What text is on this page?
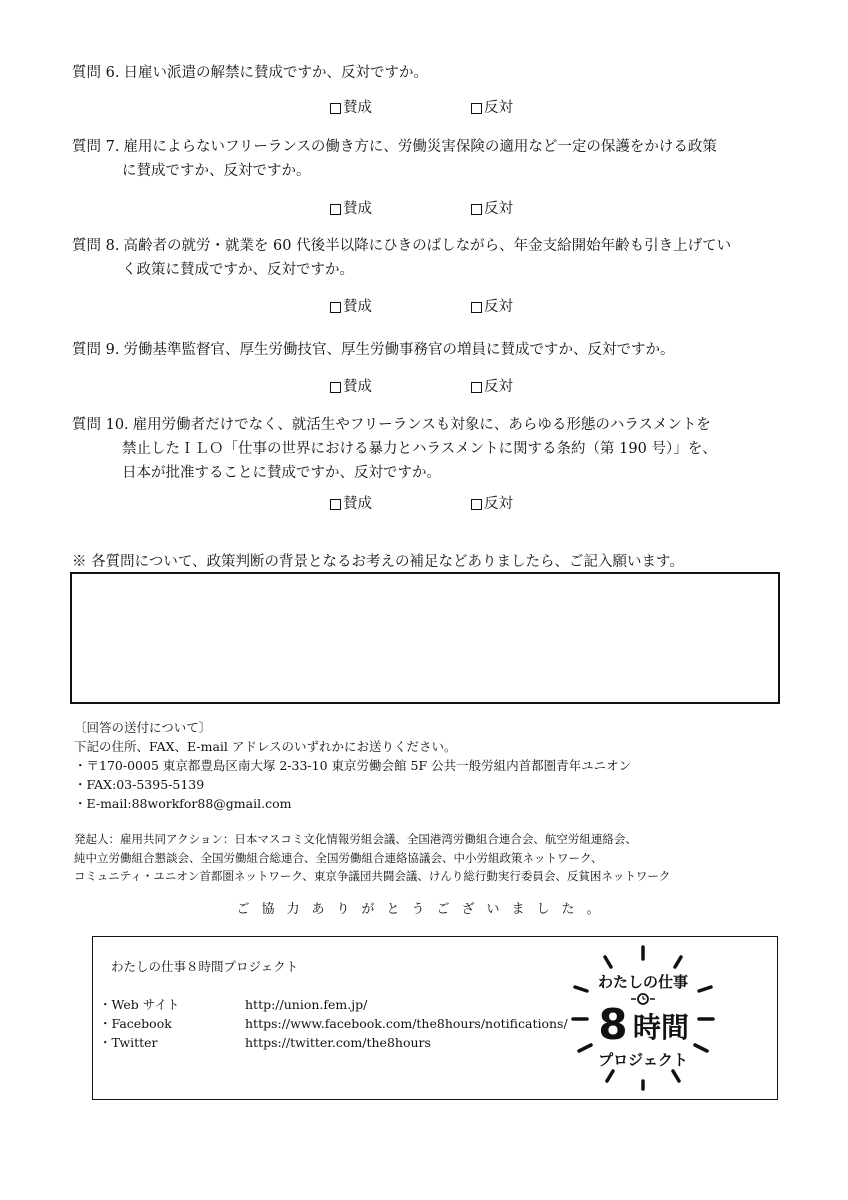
質問 6. 日雇い派遣の解禁に賛成ですか、反対ですか。
賛成	反対
質問 7. 雇用によらないフリーランスの働き方に、労働災害保険の適用など一定の保護をかける政策
に賛成ですか、反対ですか。
賛成	反対
質問 8. 高齢者の就労・就業を 60 代後半以降にひきのばしながら、年金支給開始年齢も引き上げてい
く政策に賛成ですか、反対ですか。
賛成	反対
質問 9. 労働基準監督官、厚生労働技官、厚生労働事務官の増員に賛成ですか、反対ですか。
賛成	反対
質問 10. 雇用労働者だけでなく、就活生やフリーランスも対象に、あらゆる形態のハラスメントを
禁止したＩＬＯ「仕事の世界における暴力とハラスメントに関する条約（第 190 号）」を、
日本が批准することに賛成ですか、反対ですか。
賛成	反対
※ 各質問について、政策判断の背景となるお考えの補足などありましたら、ご記入願います。
〔回答の送付について〕
下記の住所、FAX、E-mail アドレスのいずれかにお送りください。
・〒170-0005 東京都豊島区南大塚 2-33-10 東京労働会館 5F 公共一般労組内首都圏青年ユニオン
・FAX:03-5395-5139
・E-mail:88workfor88@gmail.com
発起人：雇用共同アクション：日本マスコミ文化情報労組会議、全国港湾労働組合連合会、航空労組連絡会、
純中立労働組合懇談会、全国労働組合総連合、全国労働組合連絡協議会、中小労組政策ネットワーク、
コミュニティ・ユニオン首都圏ネットワーク、東京争議団共闘会議、けんり総行動実行委員会、反貧困ネットワーク
ご協力ありがとうございました。
わたしの仕事８時間プロジェクト
・Web サイト	http://union.fem.jp/
・Facebook	https://www.facebook.com/the8hours/notifications/
・Twitter	https://twitter.com/the8hours
わたしの仕事
8 時間
プロジェクト
